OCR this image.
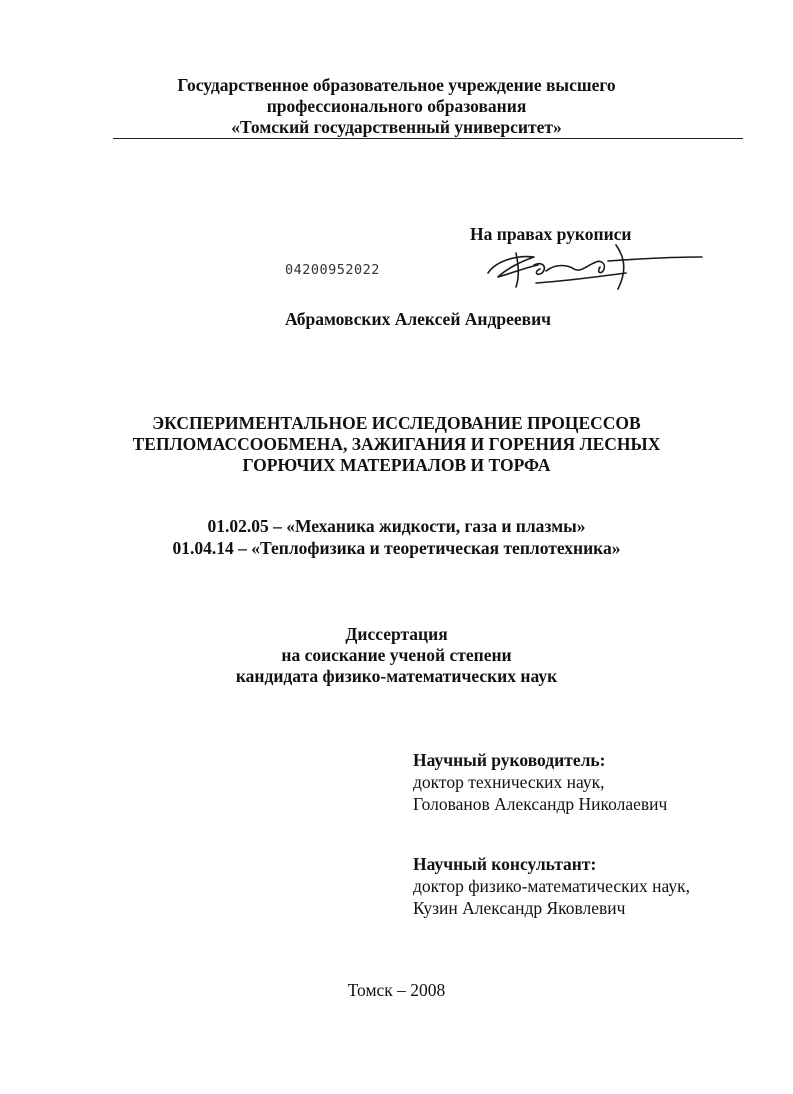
Государственное образовательное учреждение высшего
профессионального образования
«Томский государственный университет»
На правах рукописи
04200952022
Абрамовских Алексей Андреевич
ЭКСПЕРИМЕНТАЛЬНОЕ ИССЛЕДОВАНИЕ ПРОЦЕССОВ
ТЕПЛОМАССООБМЕНА, ЗАЖИГАНИЯ И ГОРЕНИЯ ЛЕСНЫХ
ГОРЮЧИХ МАТЕРИАЛОВ И ТОРФА
01.02.05 – «Механика жидкости, газа и плазмы»
01.04.14 – «Теплофизика и теоретическая теплотехника»
Диссертация
на соискание ученой степени
кандидата физико-математических наук
Научный руководитель:
доктор технических наук,
Голованов Александр Николаевич
Научный консультант:
доктор физико-математических наук,
Кузин Александр Яковлевич
Томск – 2008
